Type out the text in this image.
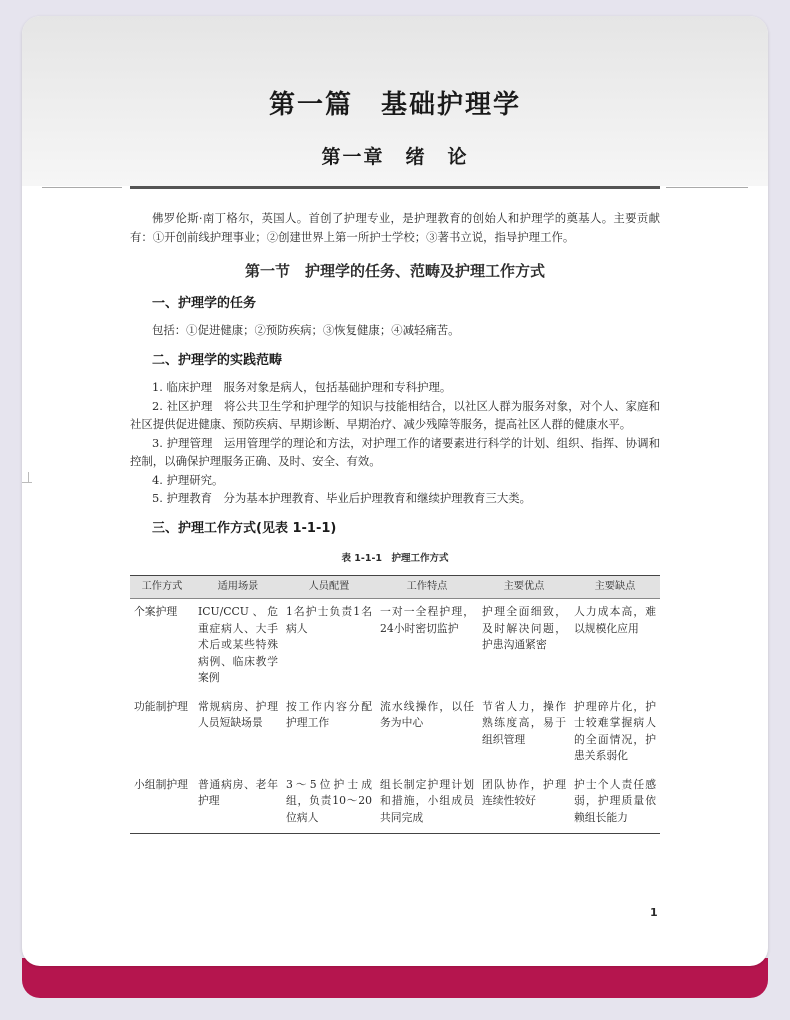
第一篇　基础护理学
第一章　绪　论

佛罗伦斯·南丁格尔，英国人。首创了护理专业，是护理教育的创始人和护理学的奠基人。主要贡献有：①开创前线护理事业；②创建世界上第一所护士学校；③著书立说，指导护理工作。

第一节　护理学的任务、范畴及护理工作方式
一、护理学的任务

包括：①促进健康；②预防疾病；③恢复健康；④减轻痛苦。

二、护理学的实践范畴

1. 临床护理　服务对象是病人，包括基础护理和专科护理。

2. 社区护理　将公共卫生学和护理学的知识与技能相结合，以社区人群为服务对象，对个人、家庭和社区提供促进健康、预防疾病、早期诊断、早期治疗、减少残障等服务，提高社区人群的健康水平。

3. 护理管理　运用管理学的理论和方法，对护理工作的诸要素进行科学的计划、组织、指挥、协调和控制，以确保护理服务正确、及时、安全、有效。

4. 护理研究。

5. 护理教育　分为基本护理教育、毕业后护理教育和继续护理教育三大类。

三、护理工作方式(见表 1-1-1)
表 1-1-1　护理工作方式
工作方式	适用场景	人员配置	工作特点	主要优点	主要缺点
个案护理	ICU/CCU、危重症病人、大手术后或某些特殊病例、临床教学案例	1名护士负责1名病人	一对一全程护理，24小时密切监护	护理全面细致，及时解决问题，护患沟通紧密	人力成本高，难以规模化应用
功能制护理	常规病房、护理人员短缺场景	按工作内容分配护理工作	流水线操作，以任务为中心	节省人力，操作熟练度高，易于组织管理	护理碎片化，护士较难掌握病人的全面情况，护患关系弱化
小组制护理	普通病房、老年护理	3～5位护士成组，负责10～20位病人	组长制定护理计划和措施，小组成员共同完成	团队协作，护理连续性较好	护士个人责任感弱，护理质量依赖组长能力
1
